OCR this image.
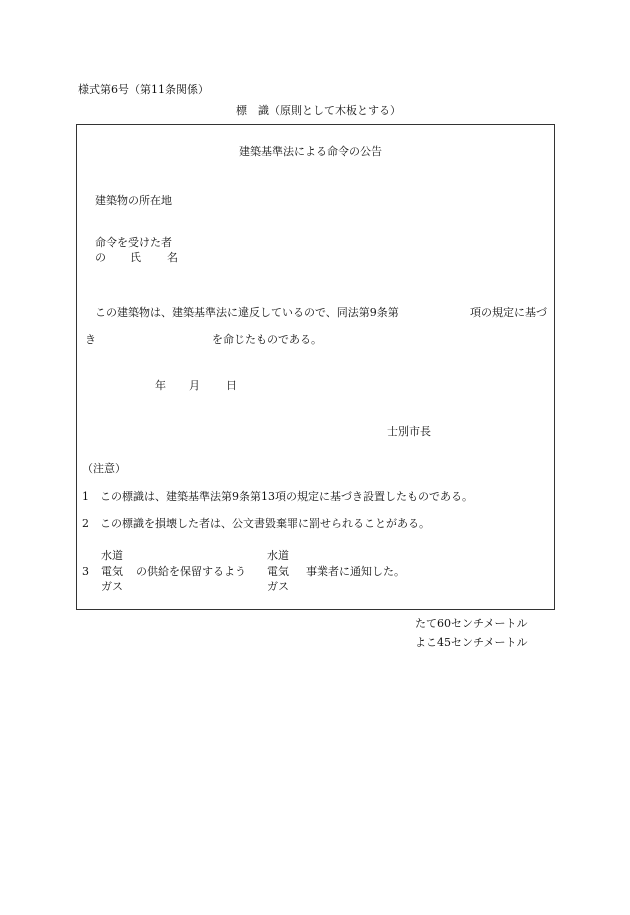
様式第6号（第11条関係）
標　識（原則として木板とする）
建築基準法による命令の公告
建築物の所在地
命令を受けた者
の 氏 名
この建築物は、建築基準法に違反しているので、同法第9条第	項の規定に基づ
き	を命じたものである。
年 月 日
士別市長
（注意）
1　この標識は、建築基準法第9条第13項の規定に基づき設置したものである。
2　この標識を損壊した者は、公文書毀棄罪に罰せられることがある。
3
水道
電気
ガス
の供給を保留するよう
水道
電気
ガス
事業者に通知した。
たて60センチメートル
よこ45センチメートル
